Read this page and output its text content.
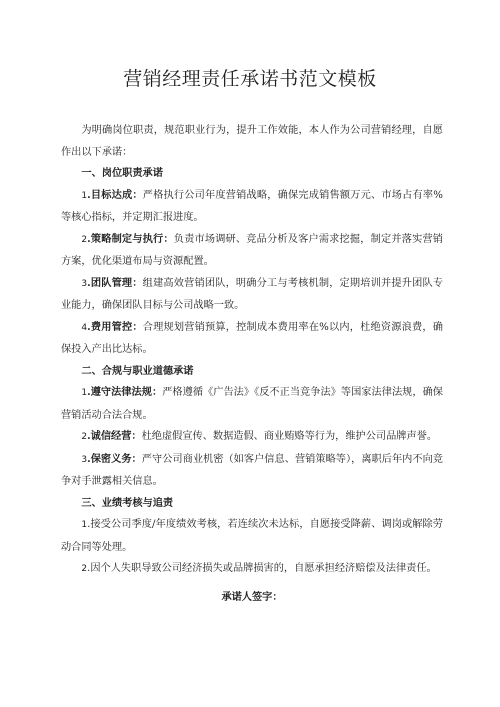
营销经理责任承诺书范文模板

为明确岗位职责，规范职业行为，提升工作效能，本人作为公司营销经理，自愿作出以下承诺：

一、岗位职责承诺

1.目标达成：严格执行公司年度营销战略，确保完成销售额万元、市场占有率%等核心指标，并定期汇报进度。

2.策略制定与执行：负责市场调研、竞品分析及客户需求挖掘，制定并落实营销方案，优化渠道布局与资源配置。

3.团队管理：组建高效营销团队，明确分工与考核机制，定期培训并提升团队专业能力，确保团队目标与公司战略一致。

4.费用管控：合理规划营销预算，控制成本费用率在%以内，杜绝资源浪费，确保投入产出比达标。

二、合规与职业道德承诺

1.遵守法律法规：严格遵循《广告法》《反不正当竞争法》等国家法律法规，确保营销活动合法合规。

2.诚信经营：杜绝虚假宣传、数据造假、商业贿赂等行为，维护公司品牌声誉。

3.保密义务：严守公司商业机密（如客户信息、营销策略等），离职后年内不向竞争对手泄露相关信息。

三、业绩考核与追责

1.接受公司季度/年度绩效考核，若连续次未达标，自愿接受降薪、调岗或解除劳动合同等处理。

2.因个人失职导致公司经济损失或品牌损害的，自愿承担经济赔偿及法律责任。

承诺人签字：
